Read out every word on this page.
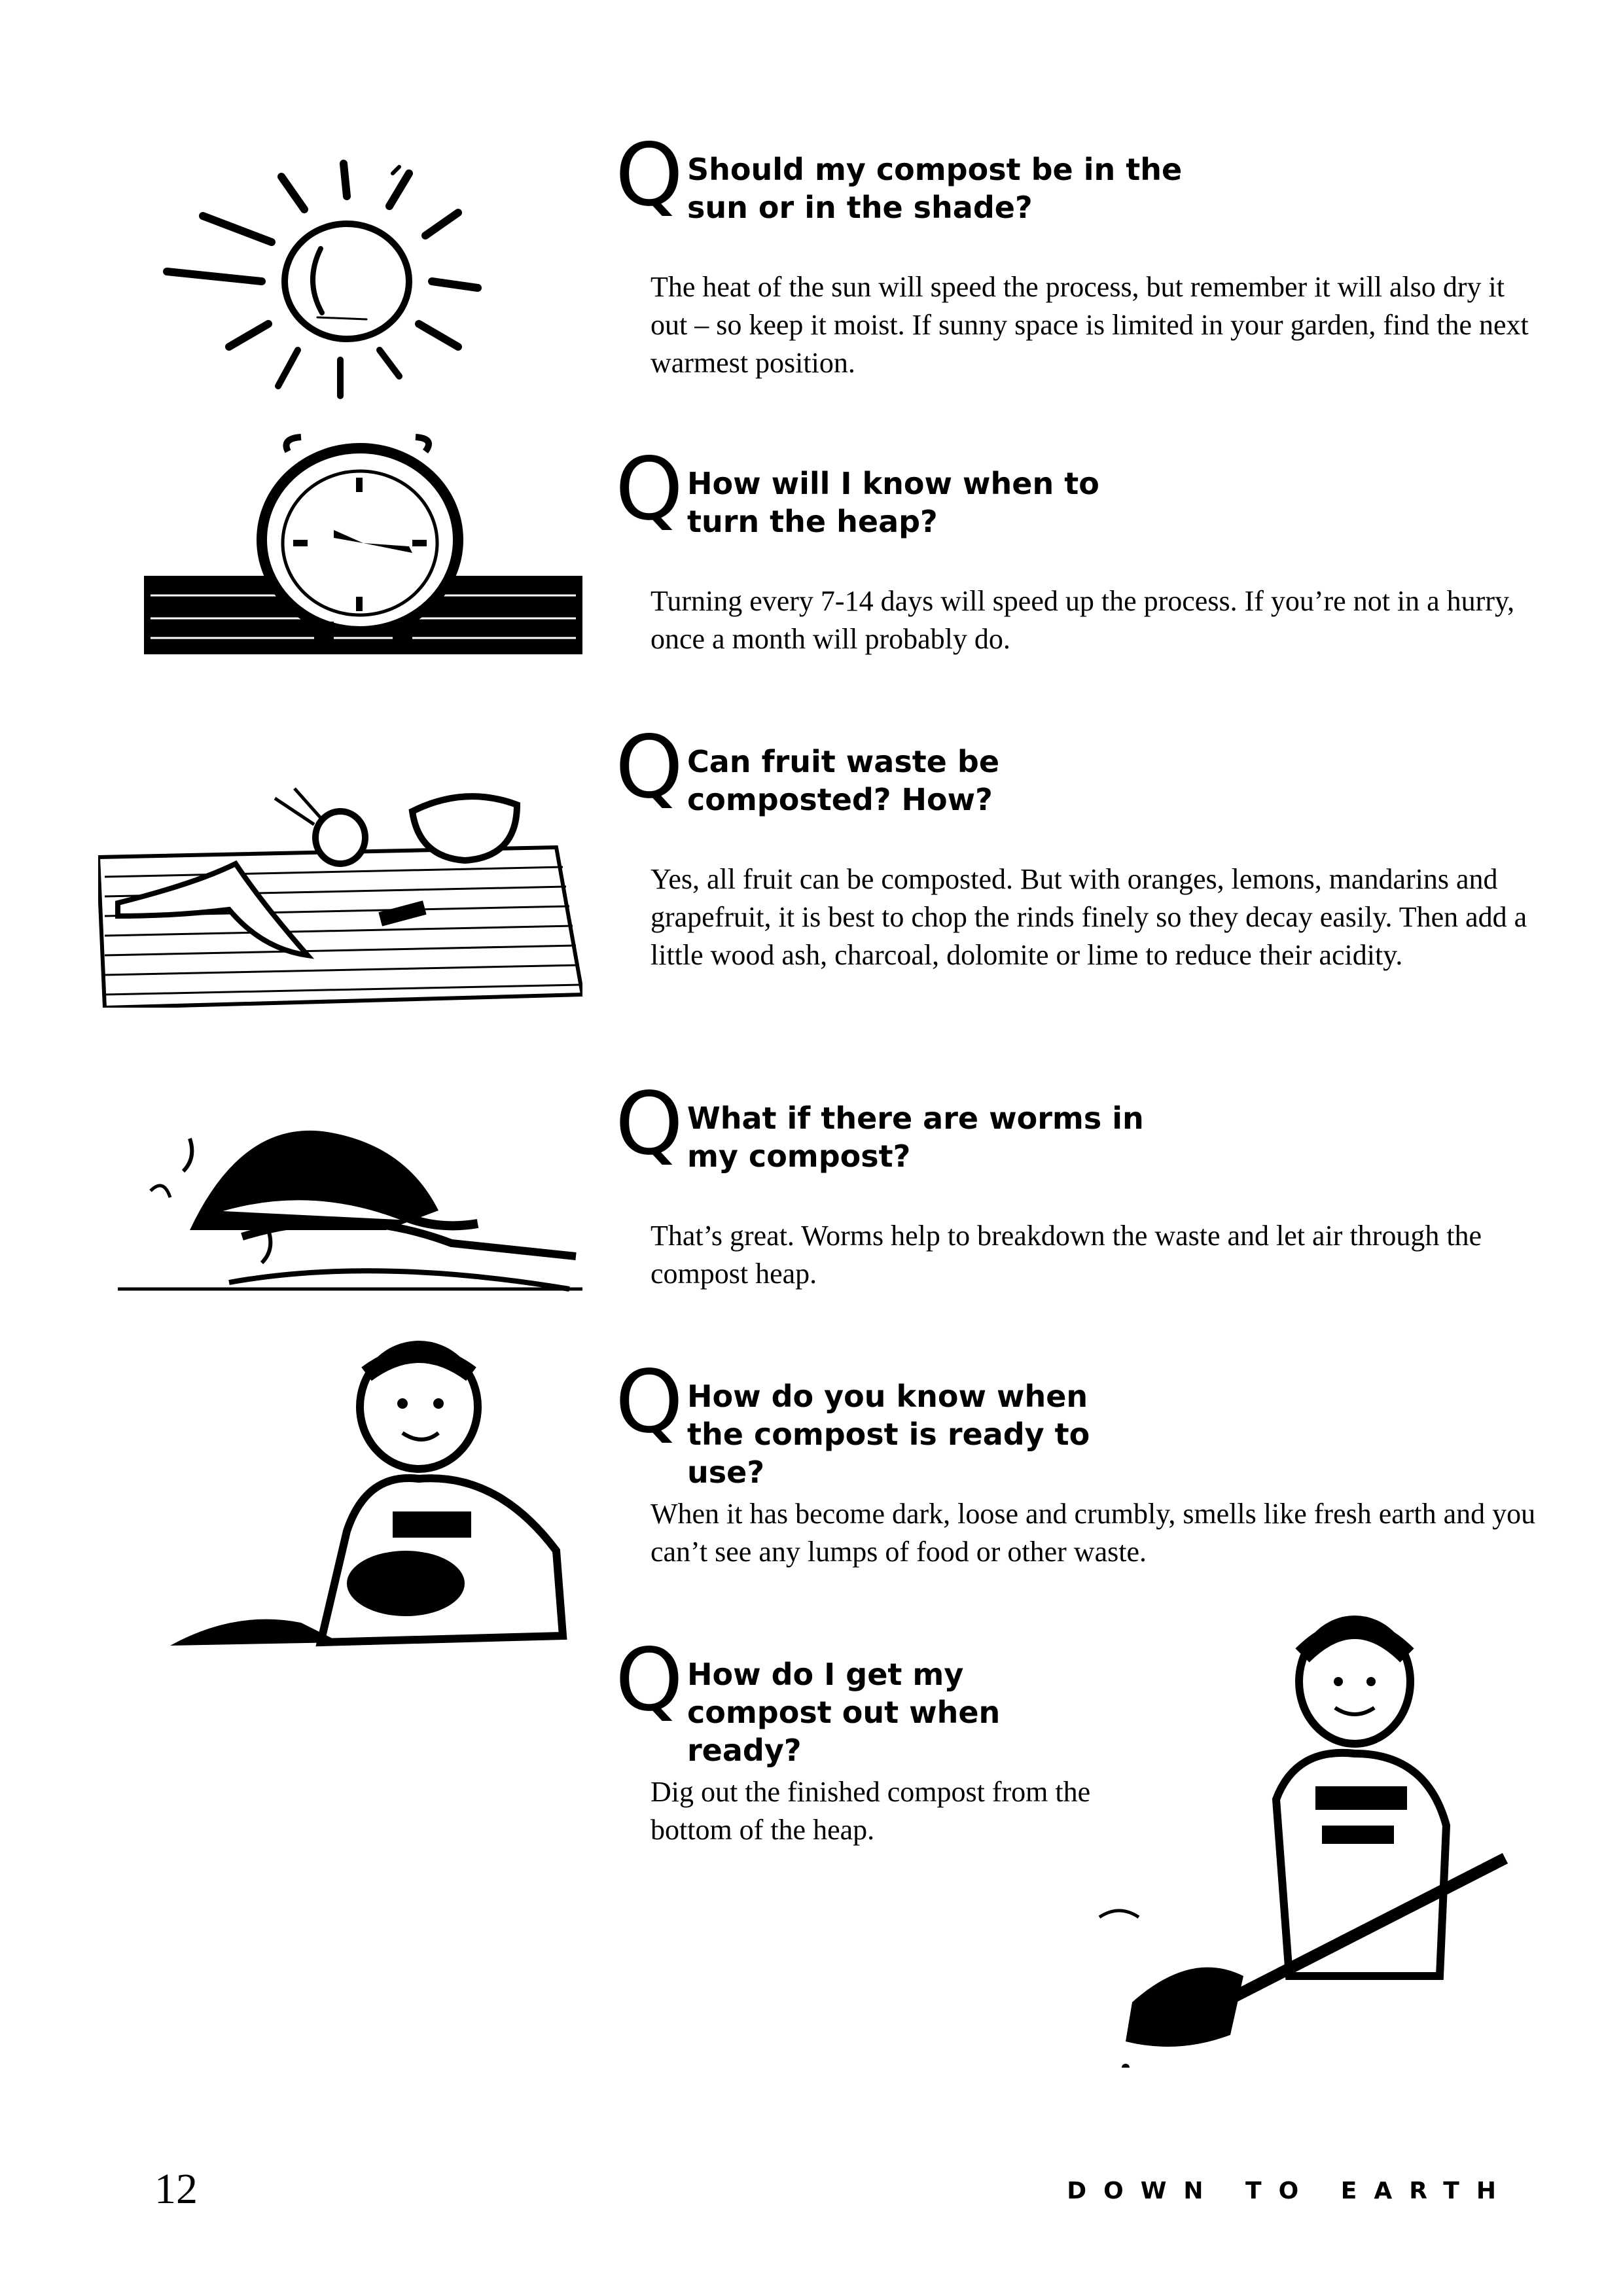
Q Should my compost be in the sun or in the shade?
The heat of the sun will speed the process, but remember it will also dry it out – so keep it moist. If sunny space is limited in your garden, find the next warmest position.
Q How will I know when to turn the heap?
Turning every 7-14 days will speed up the process. If you’re not in a hurry, once a month will probably do.
Q Can fruit waste be composted? How?
Yes, all fruit can be composted. But with oranges, lemons, mandarins and grapefruit, it is best to chop the rinds finely so they decay easily. Then add a little wood ash, charcoal, dolomite or lime to reduce their acidity.
Q What if there are worms in my compost?
That’s great. Worms help to breakdown the waste and let air through the compost heap.
Q How do you know when the compost is ready to use?
When it has become dark, loose and crumbly, smells like fresh earth and you can’t see any lumps of food or other waste.
Q How do I get my compost out when ready?
Dig out the finished compost from the bottom of the heap.
12	DOWN TO EARTH
